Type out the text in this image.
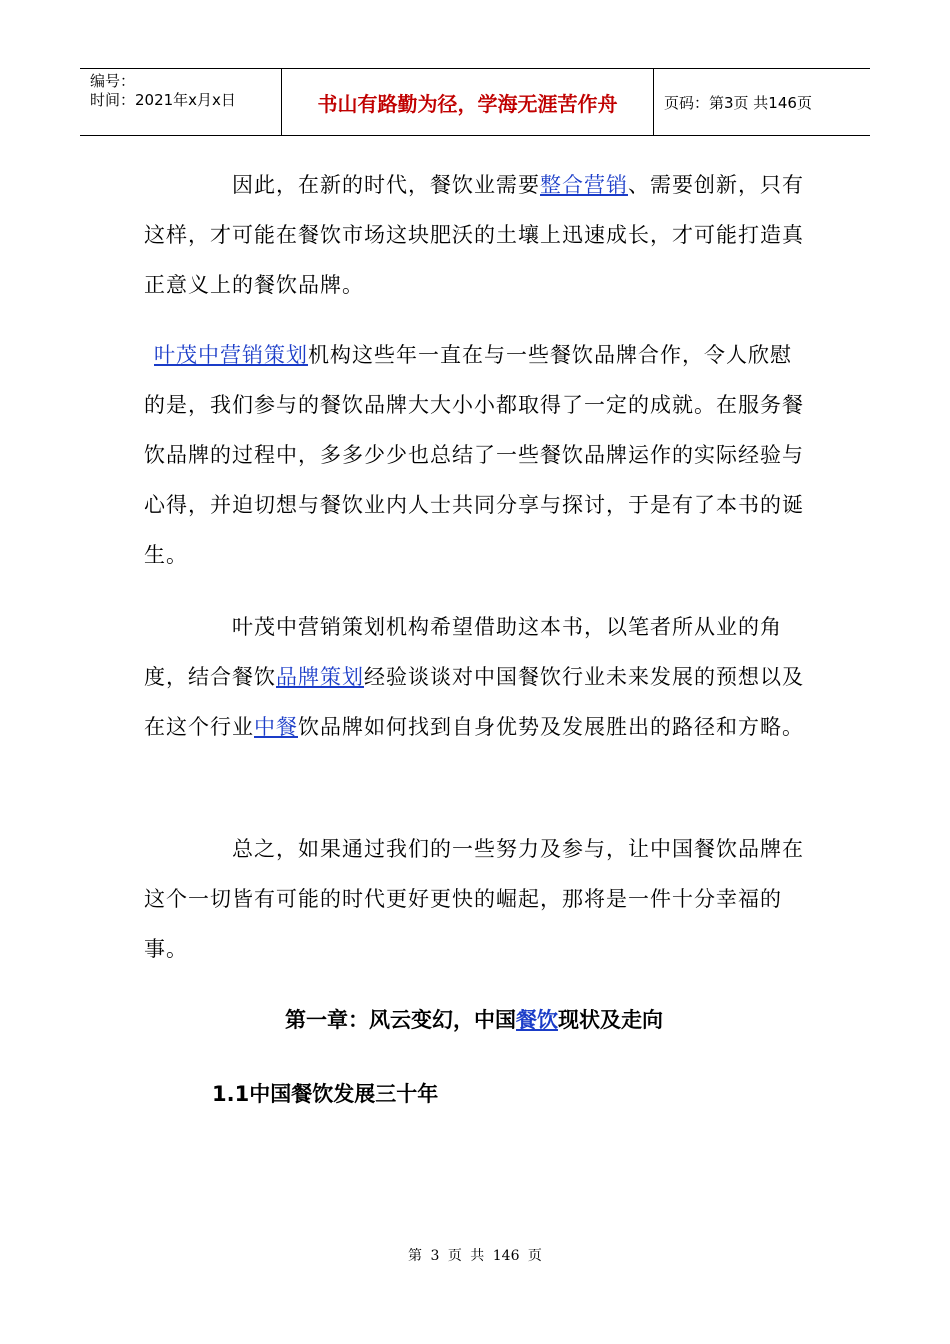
编号：
时间：2021年x月x日	书山有路勤为径，学海无涯苦作舟	页码：第3页 共146页

因此，在新的时代，餐饮业需要整合营销、需要创新，只有这样，才可能在餐饮市场这块肥沃的土壤上迅速成长，才可能打造真正意义上的餐饮品牌。

叶茂中营销策划机构这些年一直在与一些餐饮品牌合作，令人欣慰的是，我们参与的餐饮品牌大大小小都取得了一定的成就。在服务餐饮品牌的过程中，多多少少也总结了一些餐饮品牌运作的实际经验与心得，并迫切想与餐饮业内人士共同分享与探讨，于是有了本书的诞生。

叶茂中营销策划机构希望借助这本书，以笔者所从业的角度，结合餐饮品牌策划经验谈谈对中国餐饮行业未来发展的预想以及在这个行业中餐饮品牌如何找到自身优势及发展胜出的路径和方略。

总之，如果通过我们的一些努力及参与，让中国餐饮品牌在这个一切皆有可能的时代更好更快的崛起，那将是一件十分幸福的事。

第一章：风云变幻，中国餐饮现状及走向
1.1中国餐饮发展三十年
第 3 页 共 146 页
